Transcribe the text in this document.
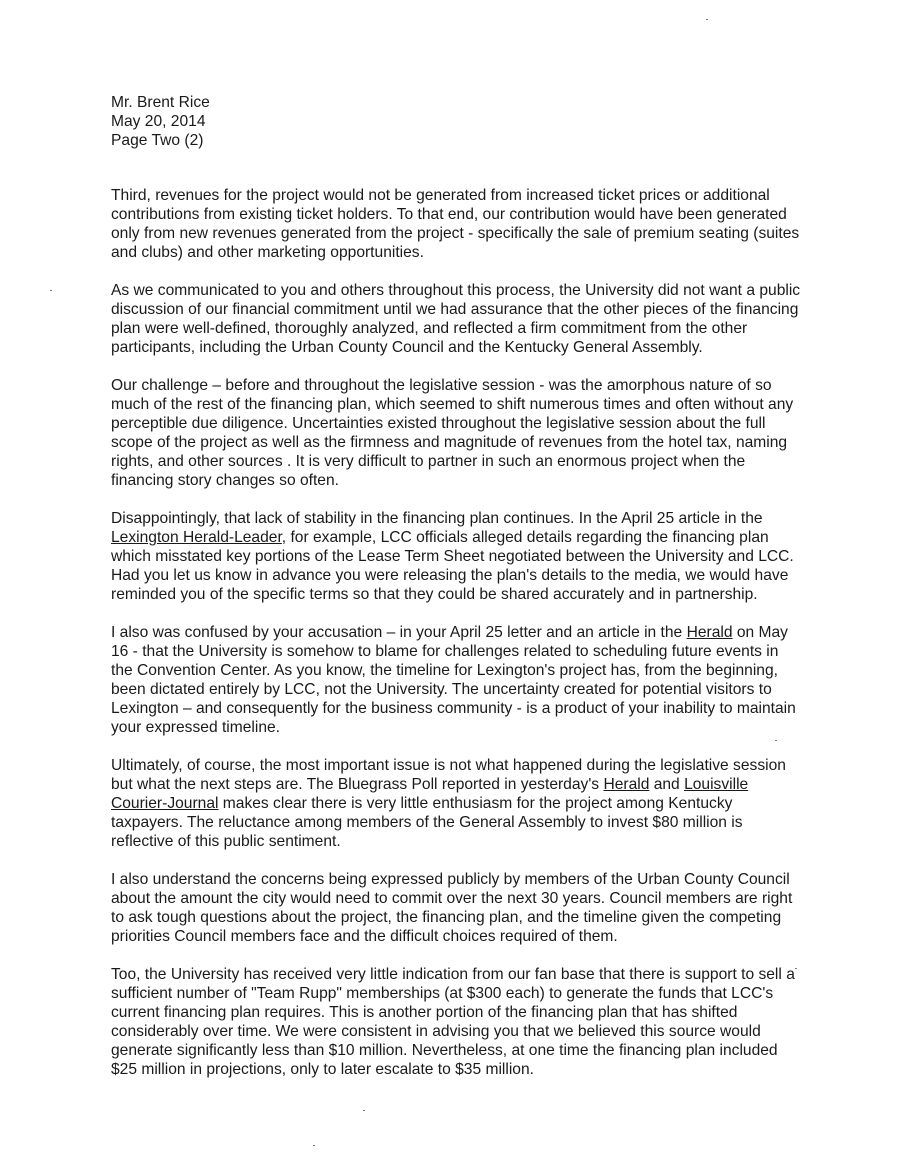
Mr. Brent Rice
May 20, 2014
Page Two (2)

Third, revenues for the project would not be generated from increased ticket prices or additional contributions from existing ticket holders. To that end, our contribution would have been generated only from new revenues generated from the project - specifically the sale of premium seating (suites and clubs) and other marketing opportunities.

As we communicated to you and others throughout this process, the University did not want a public discussion of our financial commitment until we had assurance that the other pieces of the financing plan were well-defined, thoroughly analyzed, and reflected a firm commitment from the other participants, including the Urban County Council and the Kentucky General Assembly.

Our challenge – before and throughout the legislative session - was the amorphous nature of so much of the rest of the financing plan, which seemed to shift numerous times and often without any perceptible due diligence. Uncertainties existed throughout the legislative session about the full scope of the project as well as the firmness and magnitude of revenues from the hotel tax, naming rights, and other sources . It is very difficult to partner in such an enormous project when the financing story changes so often.

Disappointingly, that lack of stability in the financing plan continues. In the April 25 article in the Lexington Herald-Leader, for example, LCC officials alleged details regarding the financing plan which misstated key portions of the Lease Term Sheet negotiated between the University and LCC. Had you let us know in advance you were releasing the plan's details to the media, we would have reminded you of the specific terms so that they could be shared accurately and in partnership.

I also was confused by your accusation – in your April 25 letter and an article in the Herald on May 16 - that the University is somehow to blame for challenges related to scheduling future events in the Convention Center. As you know, the timeline for Lexington's project has, from the beginning, been dictated entirely by LCC, not the University. The uncertainty created for potential visitors to Lexington – and consequently for the business community - is a product of your inability to maintain your expressed timeline.

Ultimately, of course, the most important issue is not what happened during the legislative session but what the next steps are. The Bluegrass Poll reported in yesterday's Herald and Louisville Courier-Journal makes clear there is very little enthusiasm for the project among Kentucky taxpayers. The reluctance among members of the General Assembly to invest $80 million is reflective of this public sentiment.

I also understand the concerns being expressed publicly by members of the Urban County Council about the amount the city would need to commit over the next 30 years. Council members are right to ask tough questions about the project, the financing plan, and the timeline given the competing priorities Council members face and the difficult choices required of them.

Too, the University has received very little indication from our fan base that there is support to sell a sufficient number of "Team Rupp" memberships (at $300 each) to generate the funds that LCC's current financing plan requires. This is another portion of the financing plan that has shifted considerably over time. We were consistent in advising you that we believed this source would generate significantly less than $10 million. Nevertheless, at one time the financing plan included $25 million in projections, only to later escalate to $35 million.
